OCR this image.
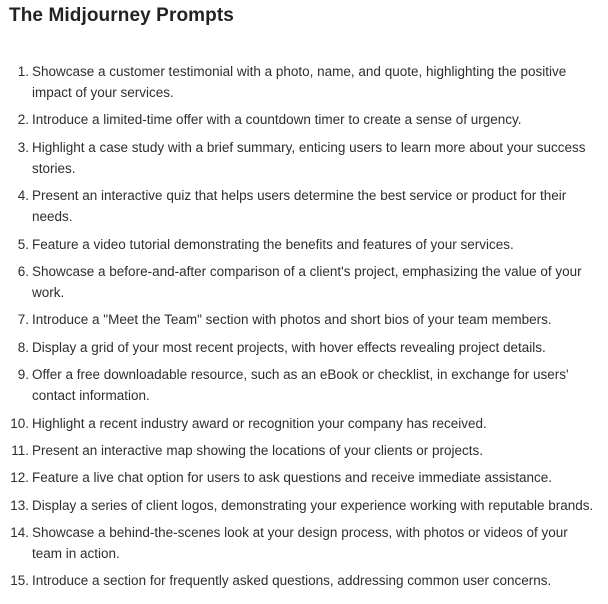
The Midjourney Prompts
1. Showcase a customer testimonial with a photo, name, and quote, highlighting the positive impact of your services.
2. Introduce a limited-time offer with a countdown timer to create a sense of urgency.
3. Highlight a case study with a brief summary, enticing users to learn more about your success stories.
4. Present an interactive quiz that helps users determine the best service or product for their needs.
5. Feature a video tutorial demonstrating the benefits and features of your services.
6. Showcase a before-and-after comparison of a client's project, emphasizing the value of your work.
7. Introduce a "Meet the Team" section with photos and short bios of your team members.
8. Display a grid of your most recent projects, with hover effects revealing project details.
9. Offer a free downloadable resource, such as an eBook or checklist, in exchange for users' contact information.
10. Highlight a recent industry award or recognition your company has received.
11. Present an interactive map showing the locations of your clients or projects.
12. Feature a live chat option for users to ask questions and receive immediate assistance.
13. Display a series of client logos, demonstrating your experience working with reputable brands.
14. Showcase a behind-the-scenes look at your design process, with photos or videos of your team in action.
15. Introduce a section for frequently asked questions, addressing common user concerns.
